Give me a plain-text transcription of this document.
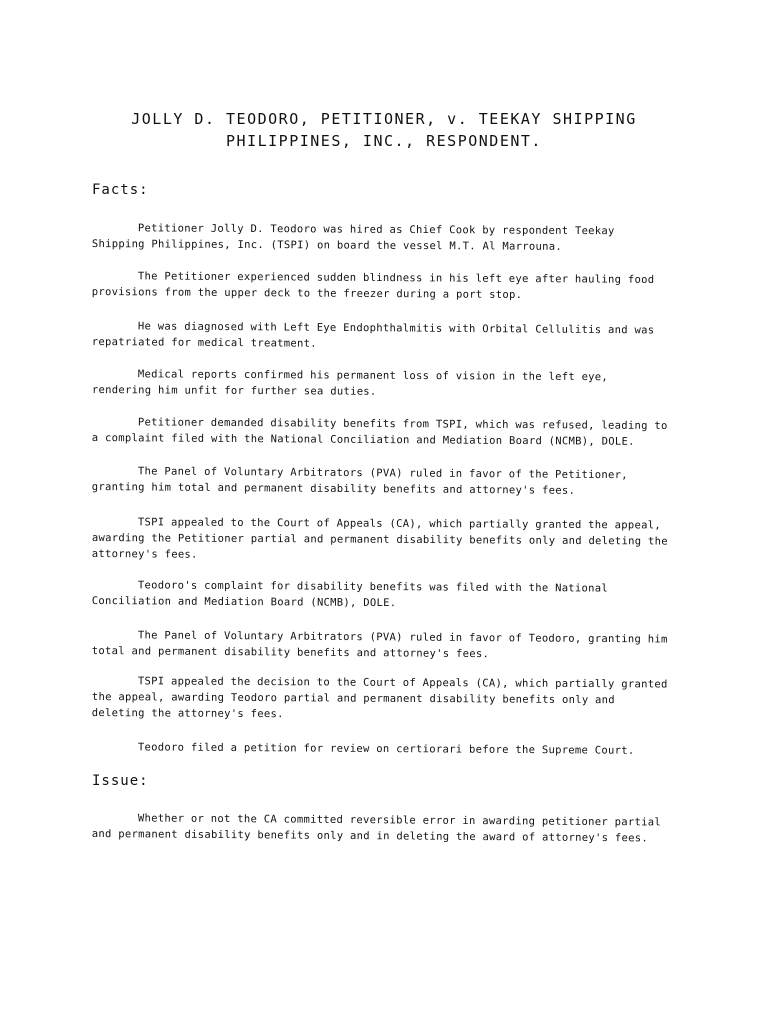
JOLLY D. TEODORO, PETITIONER, v. TEEKAY SHIPPING
PHILIPPINES, INC., RESPONDENT.
Facts:

Petitioner Jolly D. Teodoro was hired as Chief Cook by respondent Teekay Shipping Philippines, Inc. (TSPI) on board the vessel M.T. Al Marrouna.

The Petitioner experienced sudden blindness in his left eye after hauling food provisions from the upper deck to the freezer during a port stop.

He was diagnosed with Left Eye Endophthalmitis with Orbital Cellulitis and was repatriated for medical treatment.

Medical reports confirmed his permanent loss of vision in the left eye, rendering him unfit for further sea duties.

Petitioner demanded disability benefits from TSPI, which was refused, leading to a complaint filed with the National Conciliation and Mediation Board (NCMB), DOLE.

The Panel of Voluntary Arbitrators (PVA) ruled in favor of the Petitioner, granting him total and permanent disability benefits and attorney's fees.

TSPI appealed to the Court of Appeals (CA), which partially granted the appeal, awarding the Petitioner partial and permanent disability benefits only and deleting the attorney's fees.

Teodoro's complaint for disability benefits was filed with the National Conciliation and Mediation Board (NCMB), DOLE.

The Panel of Voluntary Arbitrators (PVA) ruled in favor of Teodoro, granting him total and permanent disability benefits and attorney's fees.

TSPI appealed the decision to the Court of Appeals (CA), which partially granted the appeal, awarding Teodoro partial and permanent disability benefits only and deleting the attorney's fees.

Teodoro filed a petition for review on certiorari before the Supreme Court.

Issue:

Whether or not the CA committed reversible error in awarding petitioner partial and permanent disability benefits only and in deleting the award of attorney's fees.
